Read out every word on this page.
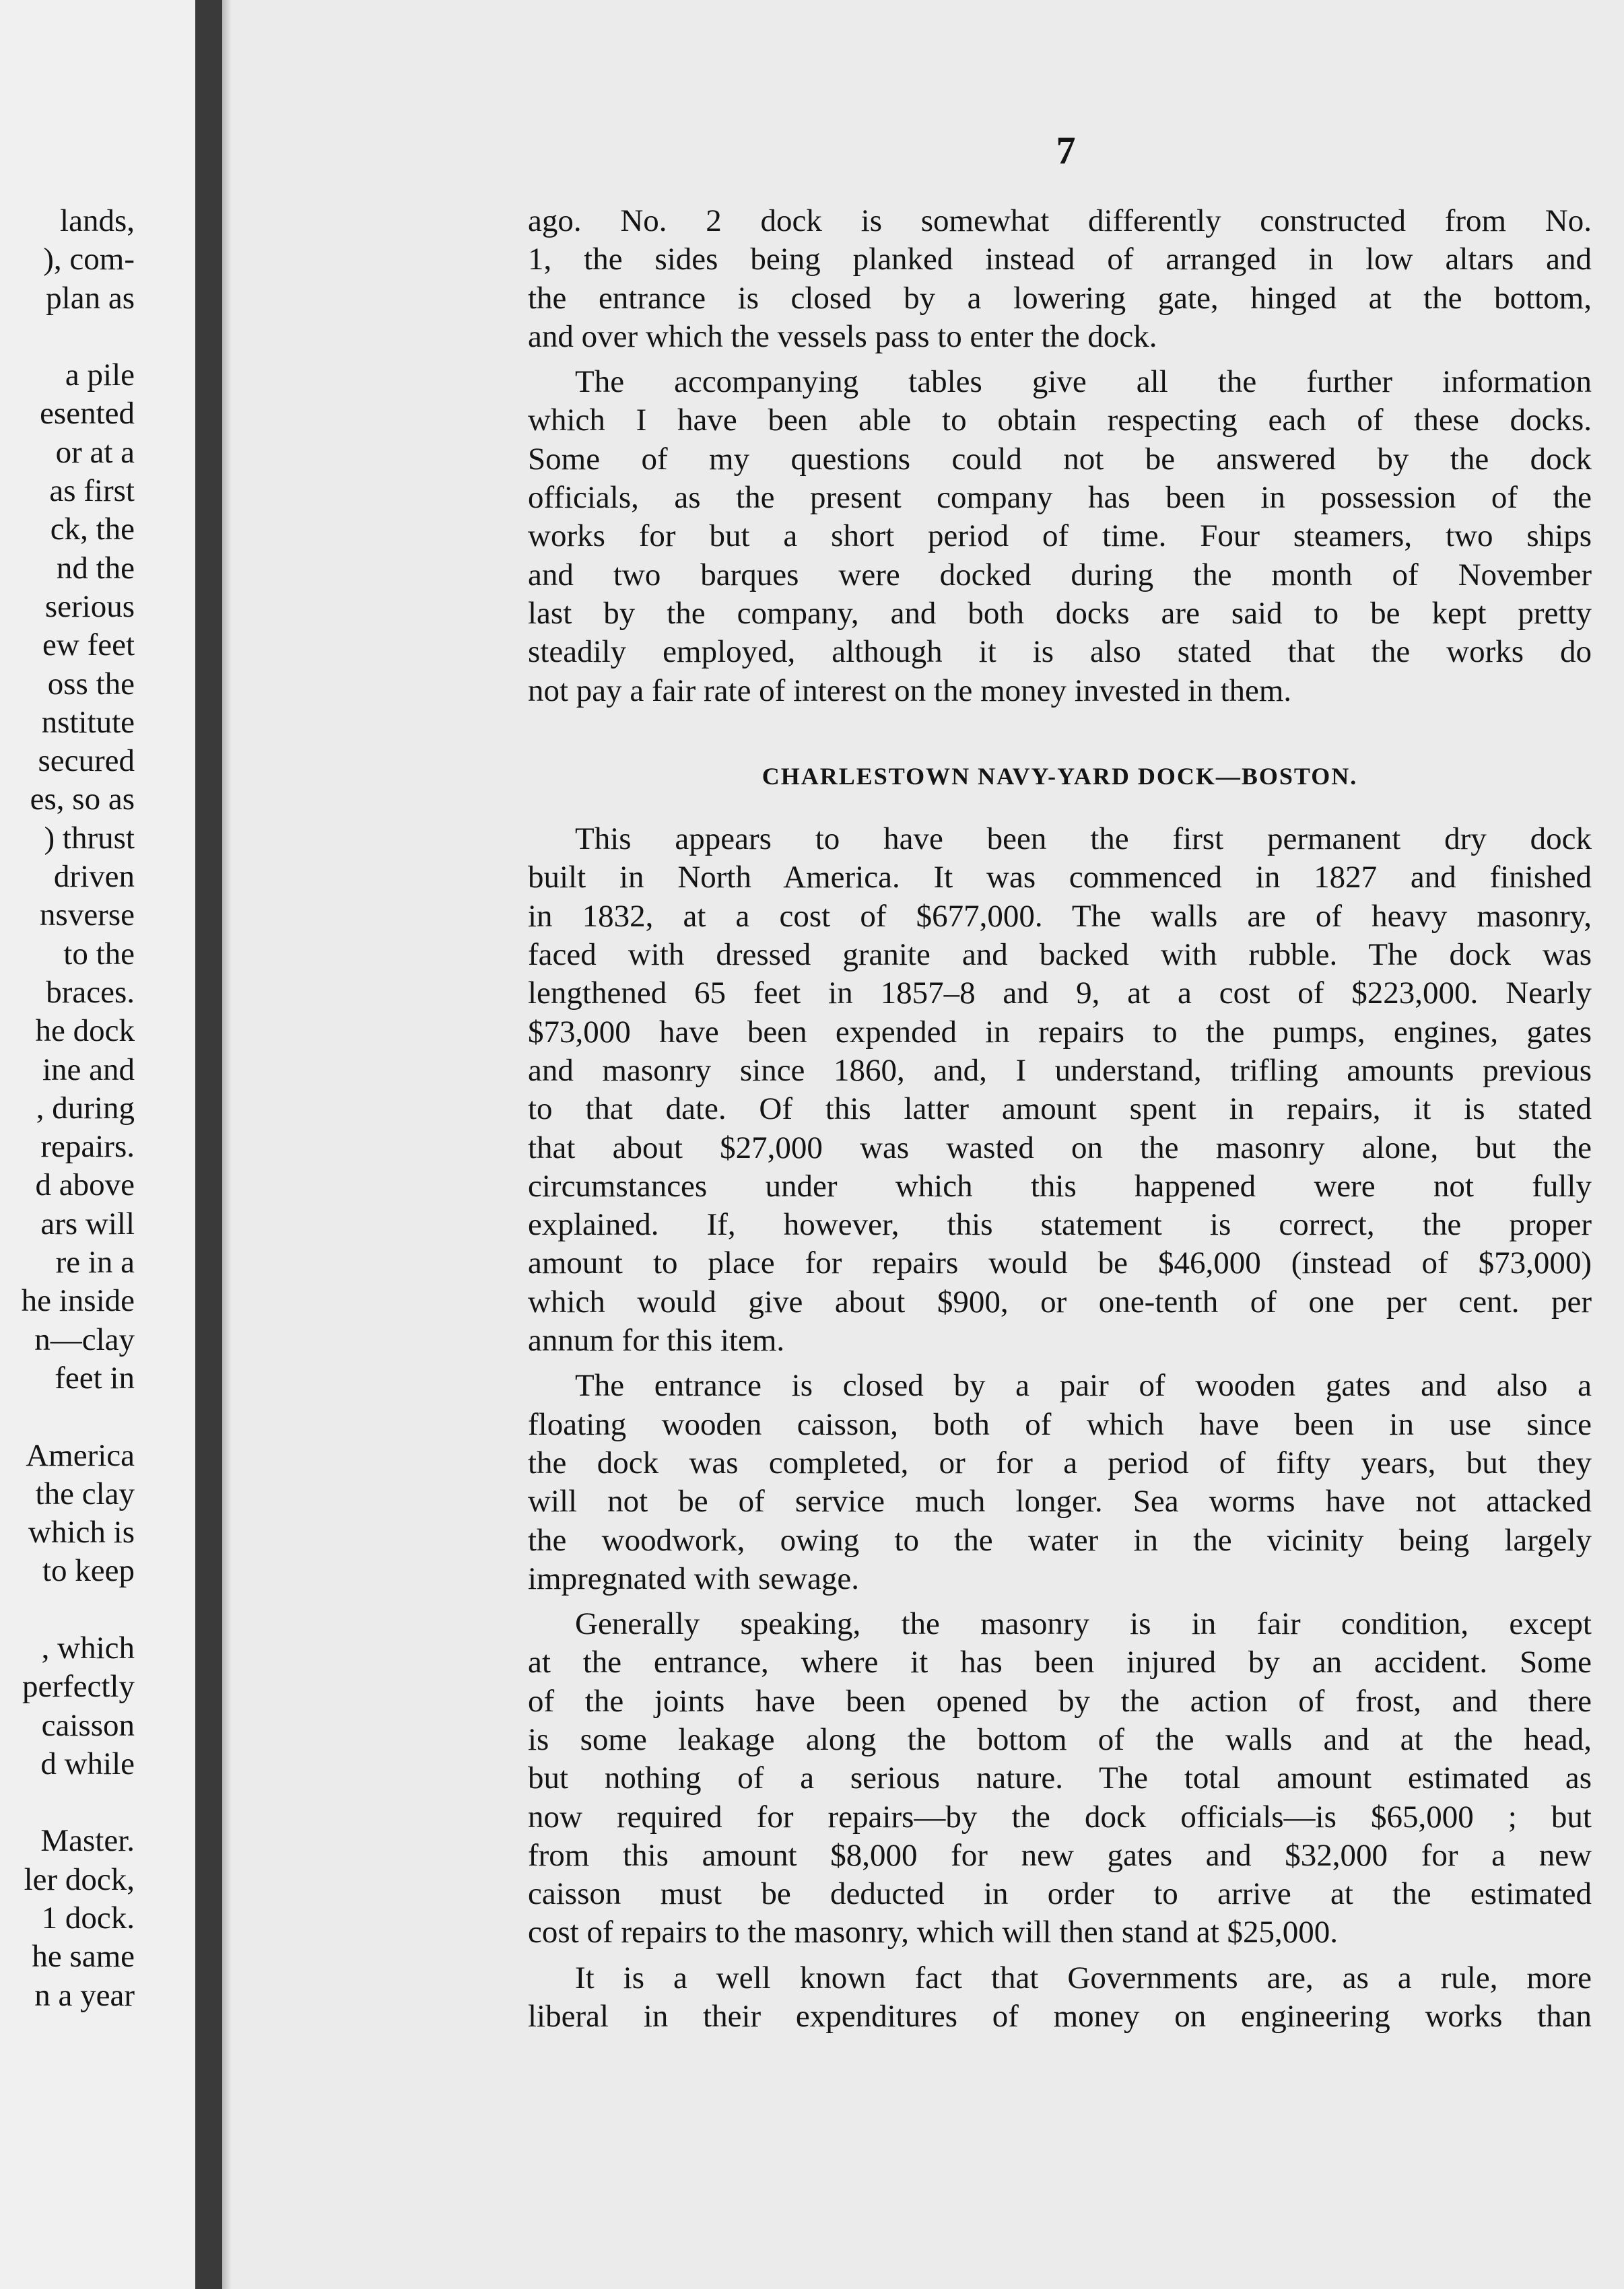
lands,
), com-
plan as
a pile
esented
or at a
as first
ck, the
nd the
serious
ew feet
oss the
nstitute
secured
es, so as
) thrust
driven
nsverse
to the
braces.
he dock
ine and
, during
repairs.
d above
ars will
re in a
he inside
n—clay
feet in
America
the clay
which is
to keep
, which
perfectly
caisson
d while
Master.
ler dock,
1 dock.
he same
n a year
7
ago. No. 2 dock is somewhat differently constructed from No.
1, the sides being planked instead of arranged in low altars and
the entrance is closed by a lowering gate, hinged at the bottom,
and over which the vessels pass to enter the dock.
The accompanying tables give all the further information
which I have been able to obtain respecting each of these docks.
Some of my questions could not be answered by the dock
officials, as the present company has been in possession of the
works for but a short period of time. Four steamers, two ships
and two barques were docked during the month of November
last by the company, and both docks are said to be kept pretty
steadily employed, although it is also stated that the works do
not pay a fair rate of interest on the money invested in them.
CHARLESTOWN NAVY-YARD DOCK—BOSTON.
This appears to have been the first permanent dry dock
built in North America. It was commenced in 1827 and finished
in 1832, at a cost of $677,000. The walls are of heavy masonry,
faced with dressed granite and backed with rubble. The dock was
lengthened 65 feet in 1857–8 and 9, at a cost of $223,000. Nearly
$73,000 have been expended in repairs to the pumps, engines, gates
and masonry since 1860, and, I understand, trifling amounts previous
to that date. Of this latter amount spent in repairs, it is stated
that about $27,000 was wasted on the masonry alone, but the
circumstances under which this happened were not fully
explained. If, however, this statement is correct, the proper
amount to place for repairs would be $46,000 (instead of $73,000)
which would give about $900, or one-tenth of one per cent. per
annum for this item.
The entrance is closed by a pair of wooden gates and also a
floating wooden caisson, both of which have been in use since
the dock was completed, or for a period of fifty years, but they
will not be of service much longer. Sea worms have not attacked
the woodwork, owing to the water in the vicinity being largely
impregnated with sewage.
Generally speaking, the masonry is in fair condition, except
at the entrance, where it has been injured by an accident. Some
of the joints have been opened by the action of frost, and there
is some leakage along the bottom of the walls and at the head,
but nothing of a serious nature. The total amount estimated as
now required for repairs—by the dock officials—is $65,000 ; but
from this amount $8,000 for new gates and $32,000 for a new
caisson must be deducted in order to arrive at the estimated
cost of repairs to the masonry, which will then stand at $25,000.
It is a well known fact that Governments are, as a rule, more
liberal in their expenditures of money on engineering works than
